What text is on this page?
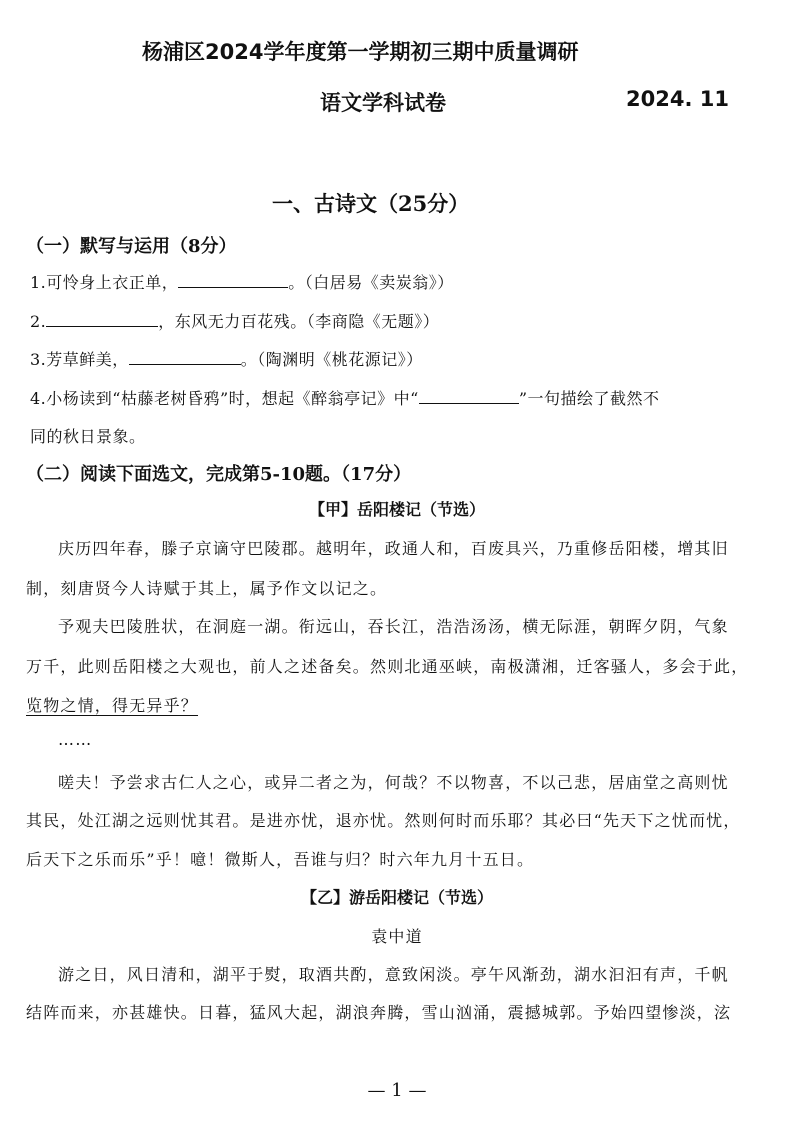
杨浦区2024学年度第一学期初三期中质量调研
语文学科试卷	2024. 11
一、古诗文（25分）
（一）默写与运用（8分）
1.可怜身上衣正单，	。（白居易《卖炭翁》）
2.	，东风无力百花残。（李商隐《无题》）
3.芳草鲜美，	。（陶渊明《桃花源记》）
4.小杨读到“枯藤老树昏鸦”时，想起《醉翁亭记》中“	”一句描绘了截然不
同的秋日景象。
（二）阅读下面选文，完成第5-10题。（17分）
【甲】岳阳楼记（节选）
庆历四年春，滕子京谪守巴陵郡。越明年，政通人和，百废具兴，乃重修岳阳楼，增其旧
制，刻唐贤今人诗赋于其上，属予作文以记之。
予观夫巴陵胜状，在洞庭一湖。衔远山，吞长江，浩浩汤汤，横无际涯，朝晖夕阴，气象
万千，此则岳阳楼之大观也，前人之述备矣。然则北通巫峡，南极潇湘，迁客骚人，多会于此，
览物之情，得无异乎？
……
嗟夫！予尝求古仁人之心，或异二者之为，何哉？不以物喜，不以己悲，居庙堂之高则忧
其民，处江湖之远则忧其君。是进亦忧，退亦忧。然则何时而乐耶？其必曰“先天下之忧而忧，
后天下之乐而乐”乎！噫！微斯人，吾谁与归？时六年九月十五日。
【乙】游岳阳楼记（节选）
袁中道
游之日，风日清和，湖平于熨，取酒共酌，意致闲淡。亭午风渐劲，湖水汩汩有声，千帆
结阵而来，亦甚雄快。日暮，猛风大起，湖浪奔腾，雪山汹涌，震撼城郭。予始四望惨淡，泫
— 1 —
